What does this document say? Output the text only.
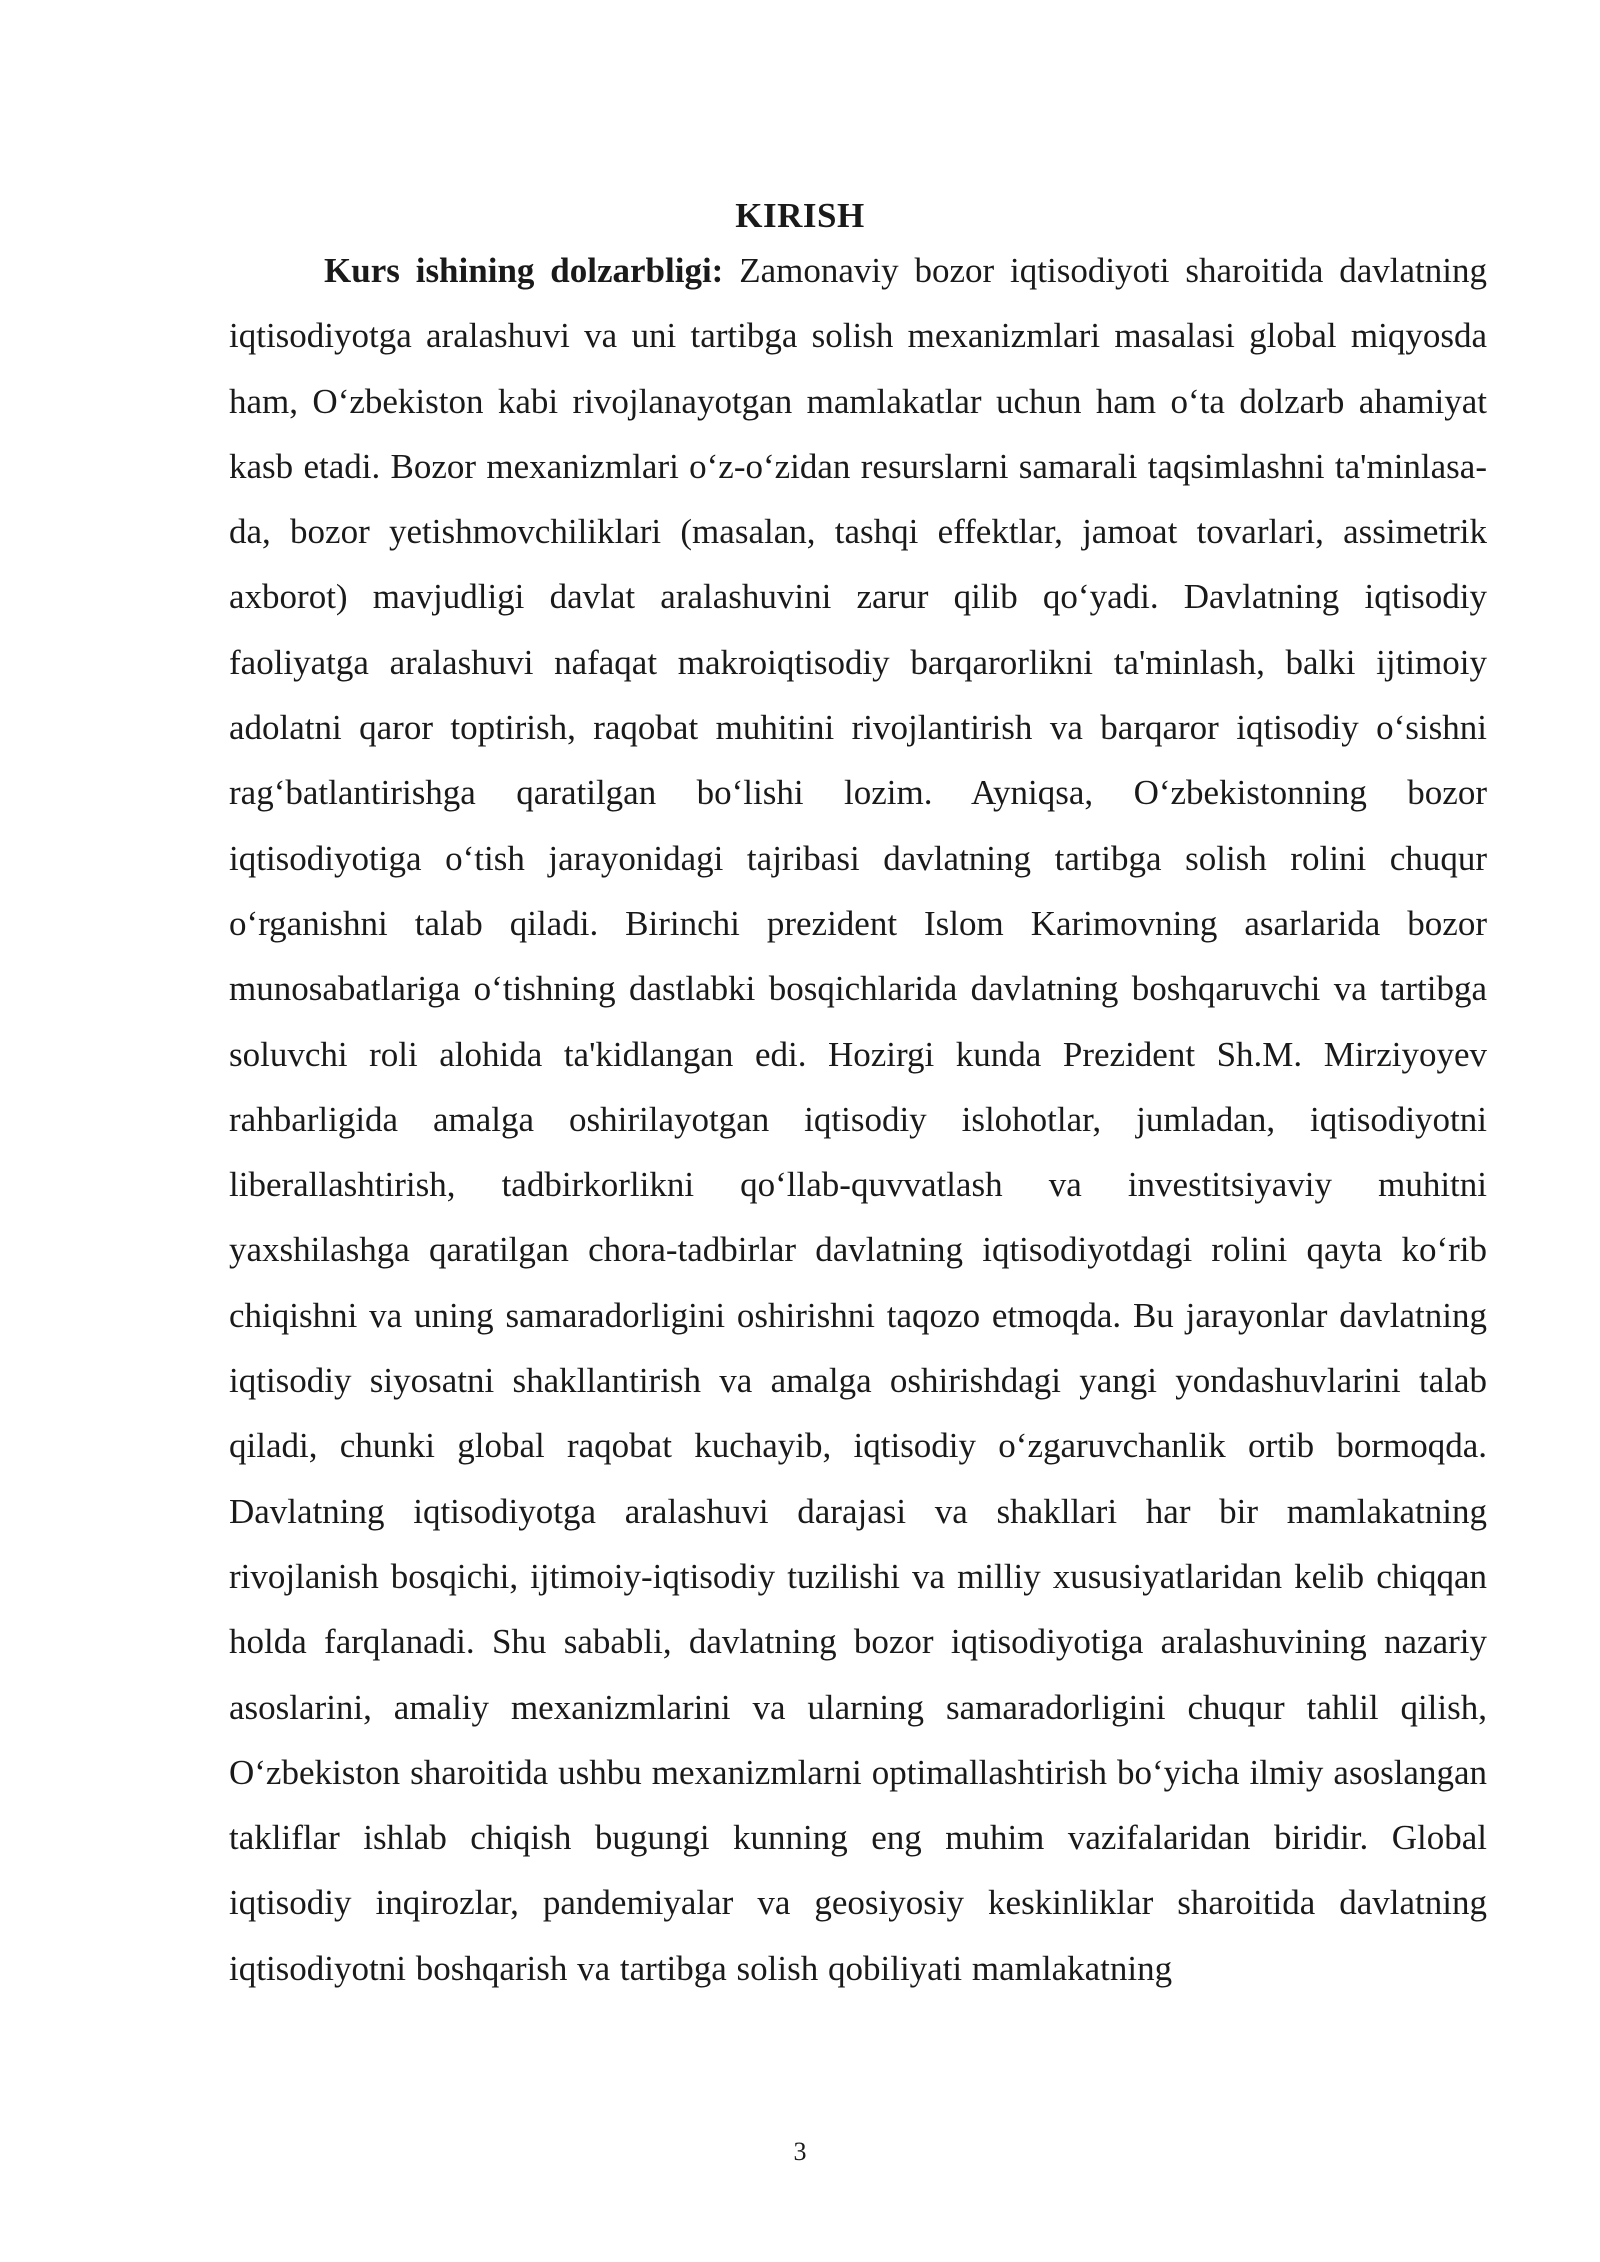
KIRISH

Kurs ishining dolzarbligi: Zamonaviy bozor iqtisodiyoti sharoitida davlatning iqtisodiyotga aralashuvi va uni tartibga solish mexanizmlari masalasi global miqyosda ham, O‘zbekiston kabi rivojlanayotgan mamlakatlar uchun ham o‘ta dolzarb ahamiyat kasb etadi. Bozor mexanizmlari o‘z-o‘zidan resurslarni samarali taqsimlashni ta'minlasa-da, bozor yetishmovchiliklari (masalan, tashqi effektlar, jamoat tovarlari, assimetrik axborot) mavjudligi davlat aralashuvini zarur qilib qo‘yadi. Davlatning iqtisodiy faoliyatga aralashuvi nafaqat makroiqtisodiy barqarorlikni ta'minlash, balki ijtimoiy adolatni qaror toptirish, raqobat muhitini rivojlantirish va barqaror iqtisodiy o‘sishni rag‘batlantirishga qaratilgan bo‘lishi lozim. Ayniqsa, O‘zbekistonning bozor iqtisodiyotiga o‘tish jarayonidagi tajribasi davlatning tartibga solish rolini chuqur o‘rganishni talab qiladi. Birinchi prezident Islom Karimovning asarlarida bozor munosabatlariga o‘tishning dastlabki bosqichlarida davlatning boshqaruvchi va tartibga soluvchi roli alohida ta'kidlangan edi. Hozirgi kunda Prezident Sh.M. Mirziyoyev rahbarligida amalga oshirilayotgan iqtisodiy islohotlar, jumladan, iqtisodiyotni liberallashtirish, tadbirkorlikni qo‘llab-quvvatlash va investitsiyaviy muhitni yaxshilashga qaratilgan chora-tadbirlar davlatning iqtisodiyotdagi rolini qayta ko‘rib chiqishni va uning samaradorligini oshirishni taqozo etmoqda. Bu jarayonlar davlatning iqtisodiy siyosatni shakllantirish va amalga oshirishdagi yangi yondashuvlarini talab qiladi, chunki global raqobat kuchayib, iqtisodiy o‘zgaruvchanlik ortib bormoqda. Davlatning iqtisodiyotga aralashuvi darajasi va shakllari har bir mamlakatning rivojlanish bosqichi, ijtimoiy-iqtisodiy tuzilishi va milliy xususiyatlaridan kelib chiqqan holda farqlanadi. Shu sababli, davlatning bozor iqtisodiyotiga aralashuvining nazariy asoslarini, amaliy mexanizmlarini va ularning samaradorligini chuqur tahlil qilish, O‘zbekiston sharoitida ushbu mexanizmlarni optimallashtirish bo‘yicha ilmiy asoslangan takliflar ishlab chiqish bugungi kunning eng muhim vazifalaridan biridir. Global iqtisodiy inqirozlar, pandemiyalar va geosiyosiy keskinliklar sharoitida davlatning iqtisodiyotni boshqarish va tartibga solish qobiliyati mamlakatning

3
